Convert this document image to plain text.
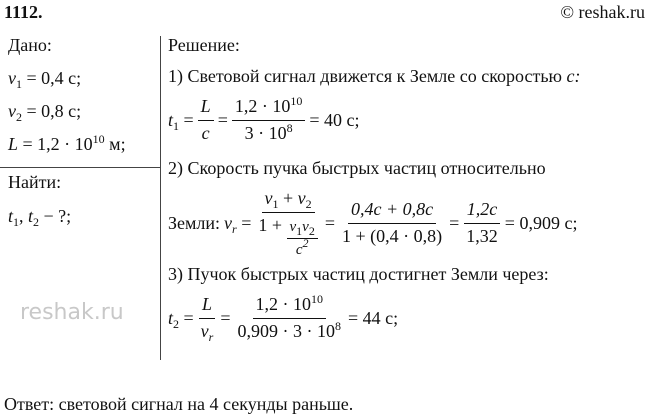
1112.	© reshak.ru
reshak.ru
Дано:
$v_1 = 0,4$ c;
$v_2 = 0,8$ c;
$L = 1,2 \cdot 10^{10}$ м;
Найти:
$t_1$, $t_2$ − ?;
Решение:
1) Световой сигнал движется к Земле со скоростью c:
$t_1 = \frac{L}{c} = \frac{1,2 \cdot 10^{10}}{3 \cdot 10^8} = 40$ с;
2) Скорость пучка быстрых частиц относительно
Земли: $v_r = \frac{v_1 + v_2}{1 + \frac{v_1v_2}{c^2}} = \frac{0,4c + 0,8c}{1 + (0,4 \cdot 0,8)} = \frac{1,2c}{1,32} = 0,909$ c;
3) Пучок быстрых частиц достигнет Земли через:
$t_2 = \frac{L}{v_r} = \frac{1,2 \cdot 10^{10}}{0,909 \cdot 3 \cdot 10^8} = 44$ с;
Ответ: световой сигнал на 4 секунды раньше.
